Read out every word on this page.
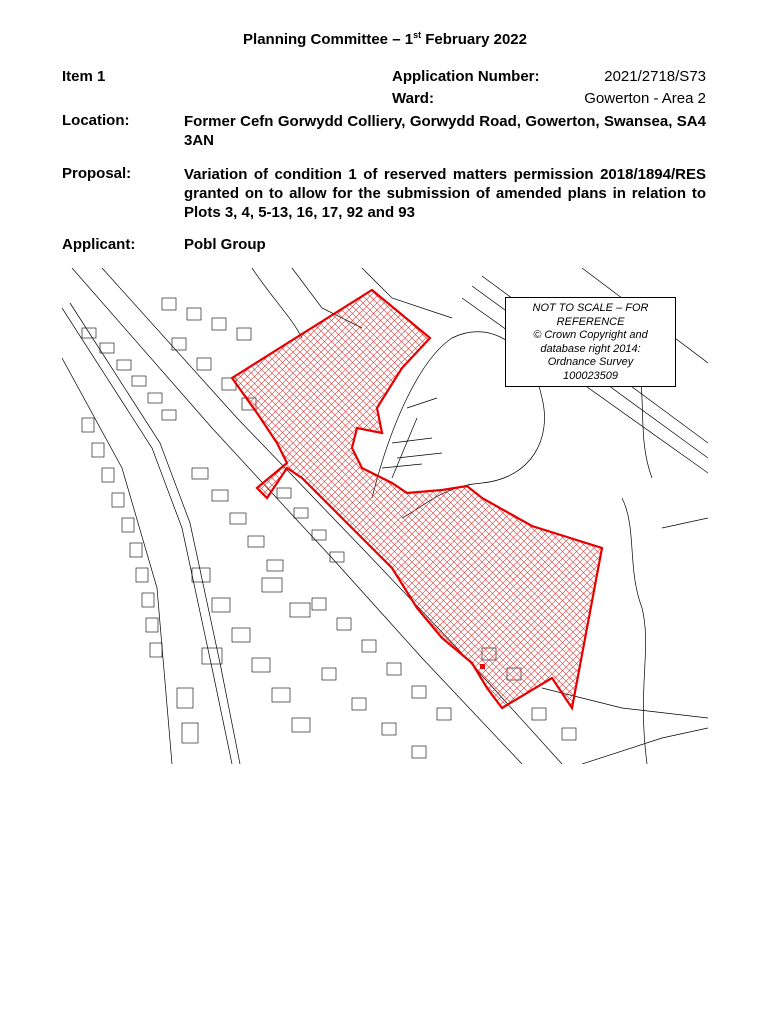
Planning Committee – 1st February 2022
Item 1	Application Number:	2021/2718/S73
Ward:	Gowerton - Area 2
Location:	Former Cefn Gorwydd Colliery, Gorwydd Road, Gowerton, Swansea, SA4 3AN
Proposal:	Variation of condition 1 of reserved matters permission 2018/1894/RES granted on to allow for the submission of amended plans in relation to Plots 3, 4, 5-13, 16, 17, 92 and 93
Applicant:	Pobl Group
NOT TO SCALE – FOR
REFERENCE
© Crown Copyright and
database right 2014:
Ordnance Survey
100023509
